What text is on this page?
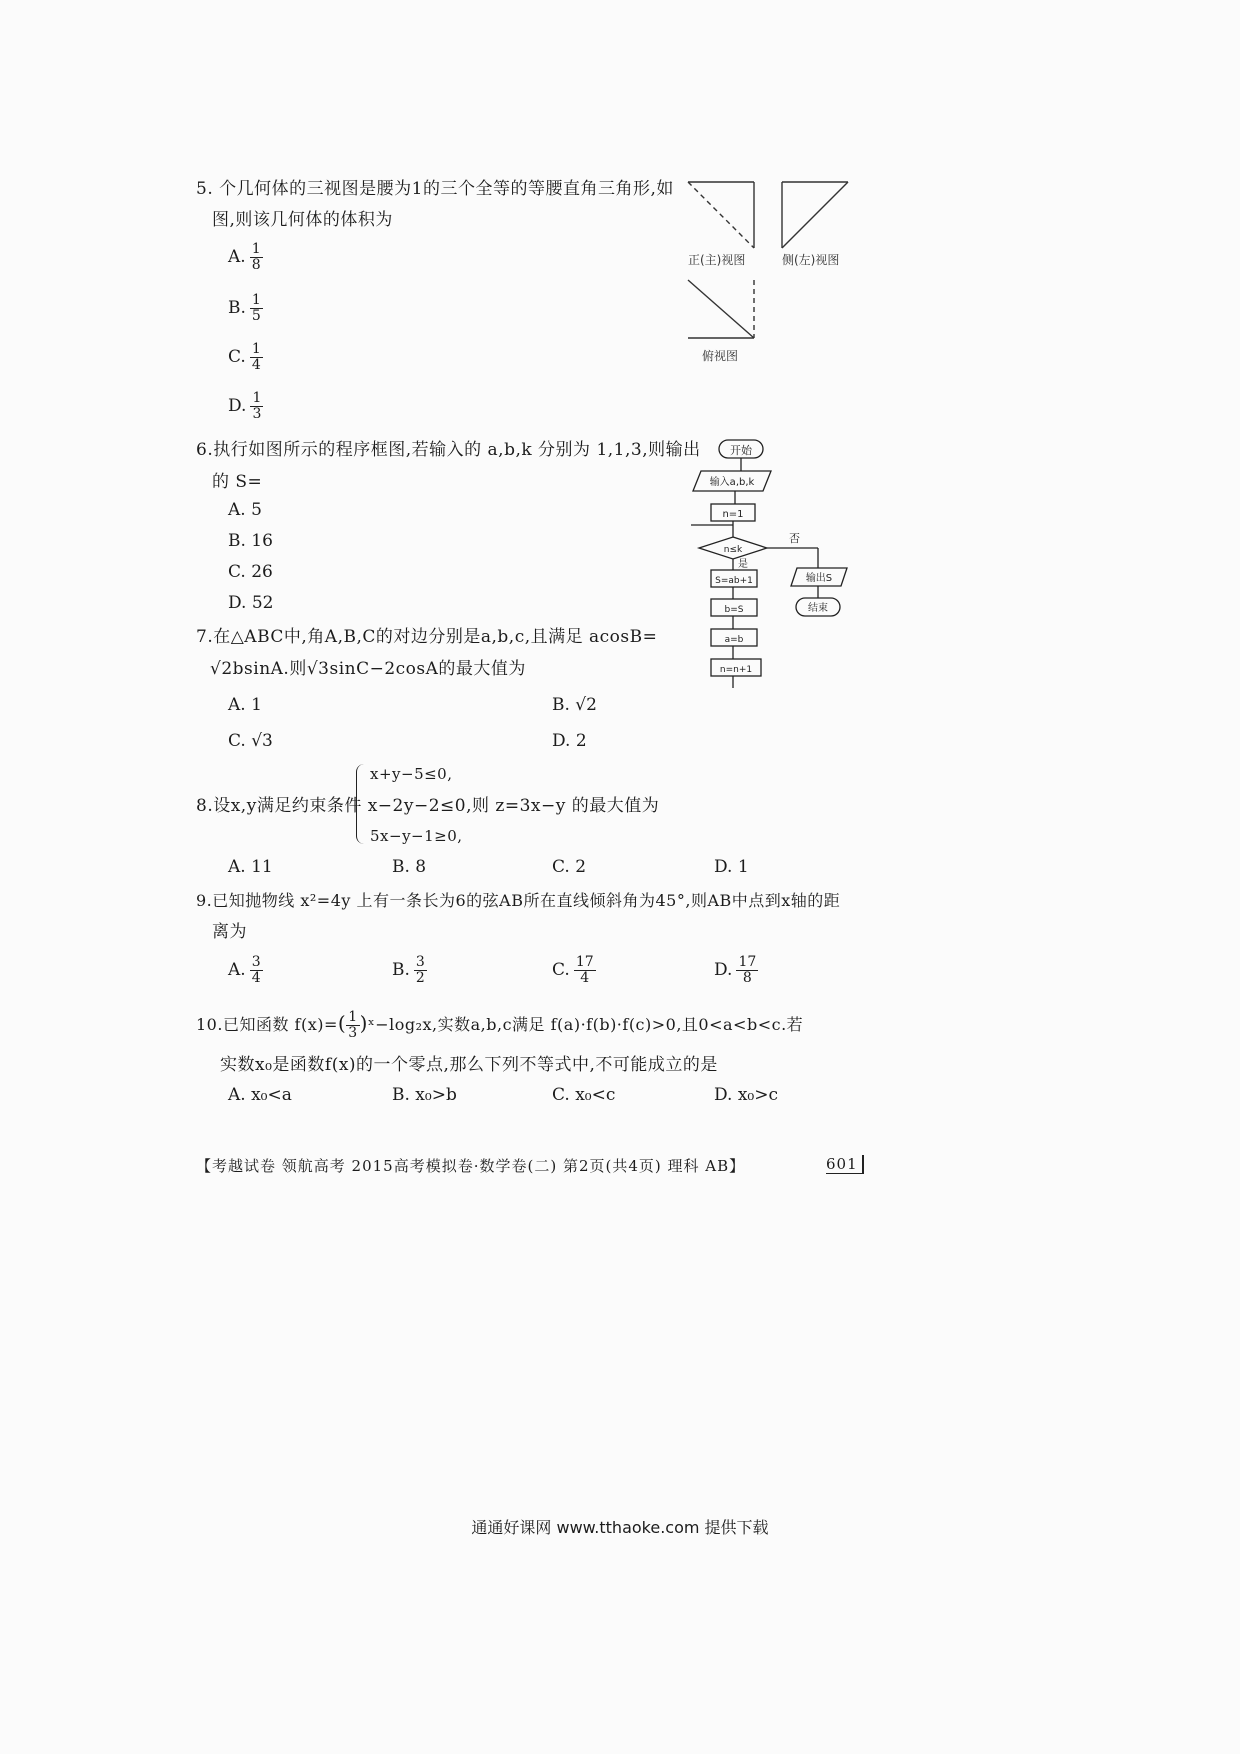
5. 个几何体的三视图是腰为1的三个全等的等腰直角三角形,如
图,则该几何体的体积为
A. $\frac{1}{8}$
B. $\frac{1}{5}$
C. $\frac{1}{4}$
D. $\frac{1}{3}$
正(主)视图	侧(左)视图
俯视图
6.执行如图所示的程序框图,若输入的 a,b,k 分别为 1,1,3,则输出
的 S=
A. 5
B. 16
C. 26
D. 52
开始
输入a,b,k
n=1
n≤k
是
否
S=ab+1
b=S
a=b
n=n+1
输出S
结束
7.在△ABC中,角A,B,C的对边分别是a,b,c,且满足 acosB=
√2bsinA.则√3sinC−2cosA的最大值为
A. 1	B. √2
C. √3	D. 2
x+y−5≤0,
8.设x,y满足约束条件 x−2y−2≤0,则 z=3x−y 的最大值为
5x−y−1≥0,
A. 11	B. 8	C. 2	D. 1
9.已知抛物线 x²=4y 上有一条长为6的弦AB所在直线倾斜角为45°,则AB中点到x轴的距
离为
A. $\frac{3}{4}$	B. $\frac{3}{2}$	C. $\frac{17}{4}$	D. $\frac{17}{8}$
10.已知函数 $f(x)=( \frac{1}{3}$ )ˣ−log₂x,实数a,b,c满足 f(a)·f(b)·f(c)>0,且0<a<b<c.若
实数x₀是函数f(x)的一个零点,那么下列不等式中,不可能成立的是
A. x₀<a	B. x₀>b	C. x₀<c	D. x₀>c
【考越试卷 领航高考 2015高考模拟卷·数学卷(二) 第2页(共4页) 理科 AB】	601
通通好课网 www.tthaoke.com 提供下载
